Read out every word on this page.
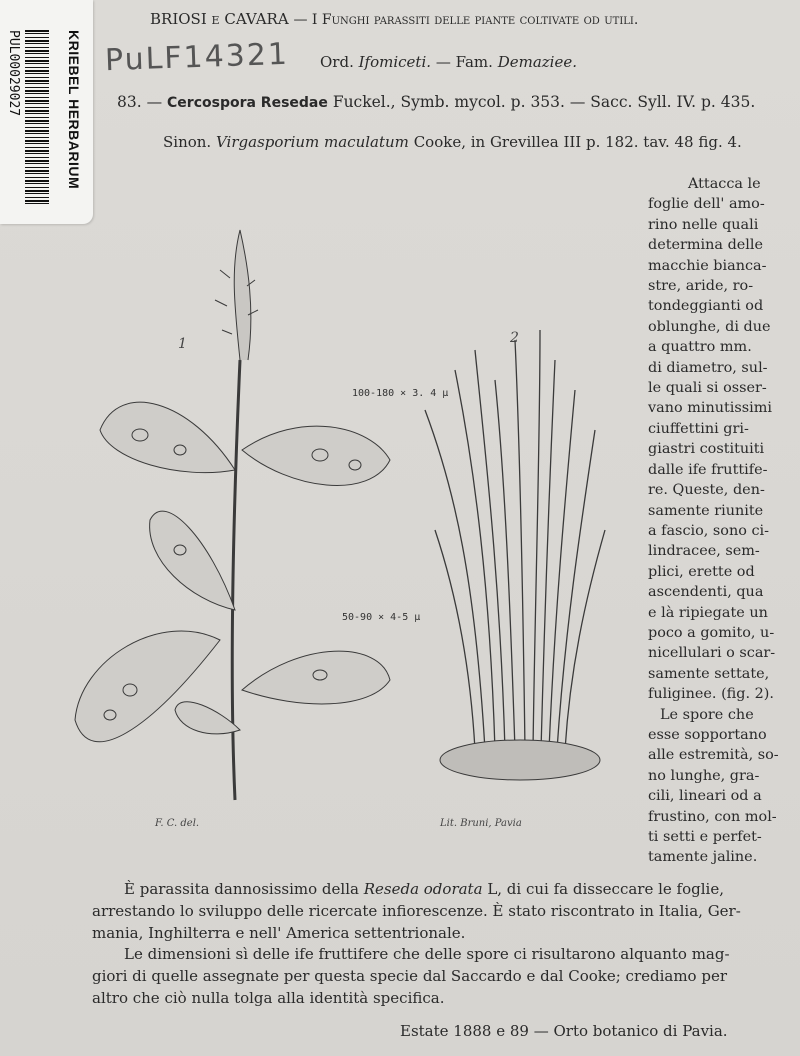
KRIEBEL HERBARIUM
PUL00029027	PuLF14321
BRIOSI e CAVARA — I Funghi parassiti delle piante coltivate od utili.
Ord. Ifomiceti. — Fam. Demaziee.
83. — Cercospora Resedae Fuckel., Symb. mycol. p. 353. — Sacc. Syll. IV. p. 435.
Sinon. Virgasporium maculatum Cooke, in Grevillea III p. 182. tav. 48 fig. 4.
Attacca le
foglie dell' amo-
rino nelle quali
determina delle
macchie bianca-
stre, aride, ro-
tondeggianti od
oblunghe, di due
a quattro mm.
di diametro, sul-
le quali si osser-
vano minutissimi
ciuffettini gri-
giastri costituiti
dalle ife fruttife-
re. Queste, den-
samente riunite
a fascio, sono ci-
lindracee, sem-
plici, erette od
ascendenti, qua
e là ripiegate un
poco a gomito, u-
nicellulari o scar-
samente settate,
fuliginee. (fig. 2).
Le spore che
esse sopportano
alle estremità, so-
no lunghe, gra-
cili, lineari od a
frustino, con mol-
ti setti e perfet-
tamente jaline.
1	2
100-180 × 3. 4 μ
50-90 × 4-5 μ
F. C. del.	Lit. Bruni, Pavia
È parassita dannosissimo della Reseda odorata L, di cui fa disseccare le foglie,
arrestando lo sviluppo delle ricercate infiorescenze. È stato riscontrato in Italia, Ger-
mania, Inghilterra e nell' America settentrionale.
Le dimensioni sì delle ife fruttifere che delle spore ci risultarono alquanto mag-
giori di quelle assegnate per questa specie dal Saccardo e dal Cooke; crediamo per
altro che ciò nulla tolga alla identità specifica.
Estate 1888 e 89 — Orto botanico di Pavia.
